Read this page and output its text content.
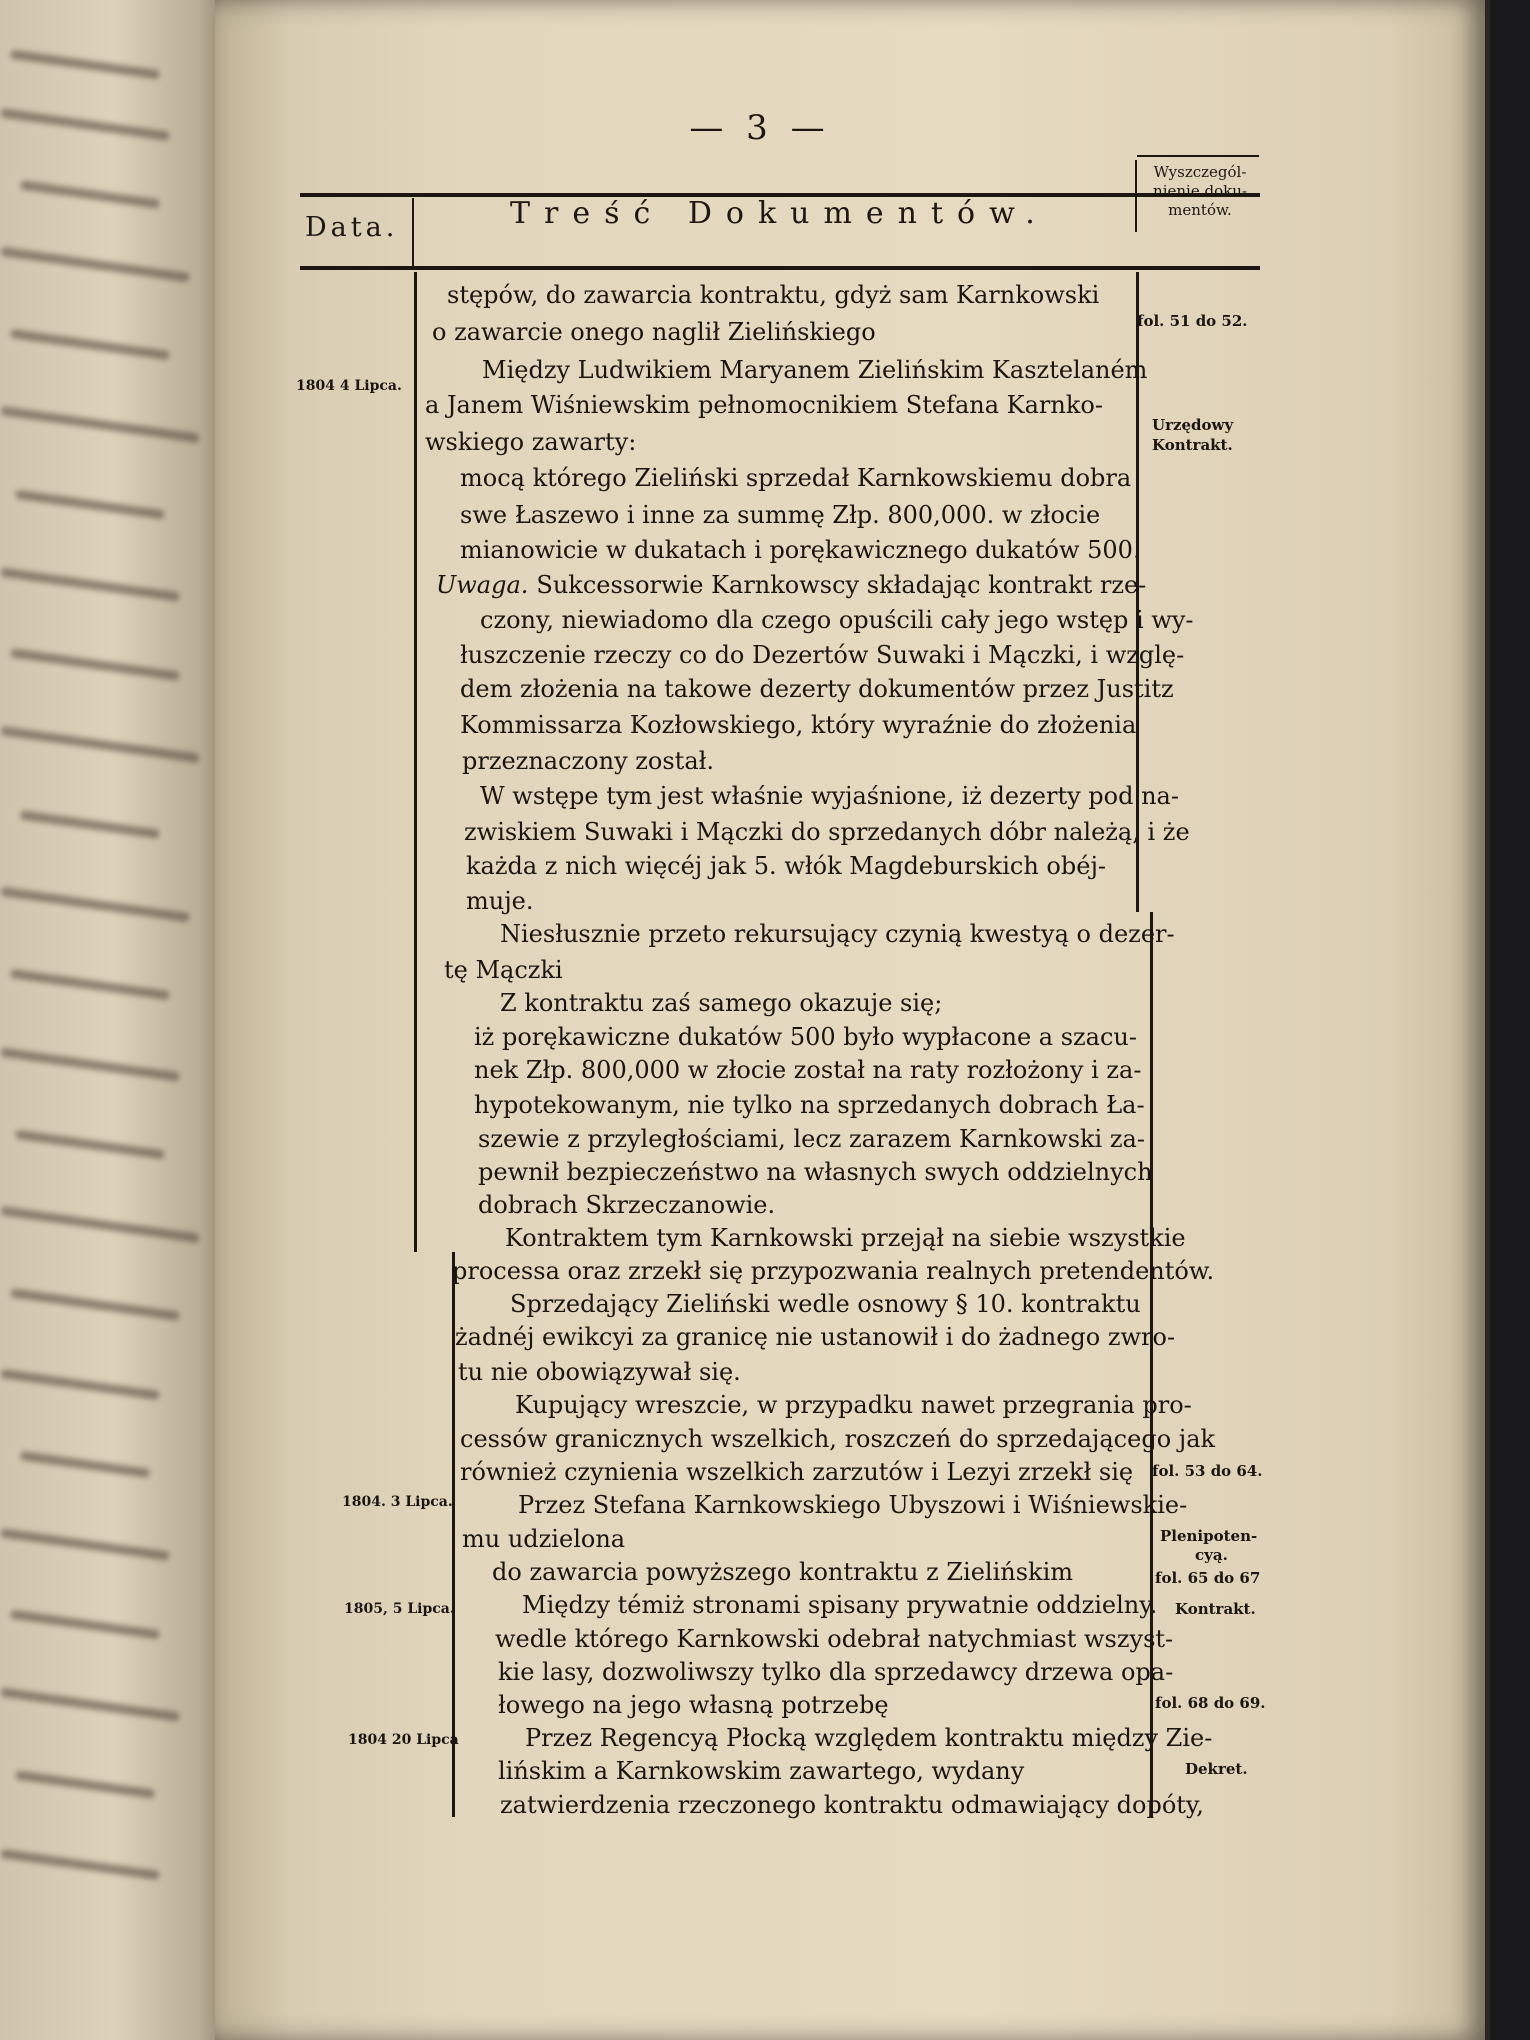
— 3 —
Data.	Treść Dokumentów.
Wyszczegól-
nienie doku-
mentów.
1804 4 Lipca.
1804. 3 Lipca.
1805, 5 Lipca.
1804 20 Lipca
stępów, do zawarcia kontraktu, gdyż sam Karnkowski
o zawarcie onego naglił Zielińskiego
Między Ludwikiem Maryanem Zielińskim Kasztelaném
a Janem Wiśniewskim pełnomocnikiem Stefana Karnko-
wskiego zawarty:
mocą którego Zieliński sprzedał Karnkowskiemu dobra
swe Łaszewo i inne za summę Złp. 800,000. w złocie
mianowicie w dukatach i porękawicznego dukatów 500.
Uwaga. Sukcessorwie Karnkowscy składając kontrakt rze-
czony, niewiadomo dla czego opuścili cały jego wstęp i wy-
łuszczenie rzeczy co do Dezertów Suwaki i Mączki, i wzglę-
dem złożenia na takowe dezerty dokumentów przez Justitz
Kommissarza Kozłowskiego, który wyraźnie do złożenia
przeznaczony został.
W wstępe tym jest właśnie wyjaśnione, iż dezerty pod na-
zwiskiem Suwaki i Mączki do sprzedanych dóbr należą, i że
każda z nich więcéj jak 5. włók Magdeburskich obéj-
muje.
Niesłusznie przeto rekursujący czynią kwestyą o dezer-
tę Mączki
Z kontraktu zaś samego okazuje się;
iż porękawiczne dukatów 500 było wypłacone a szacu-
nek Złp. 800,000 w złocie został na raty rozłożony i za-
hypotekowanym, nie tylko na sprzedanych dobrach Ła-
szewie z przyległościami, lecz zarazem Karnkowski za-
pewnił bezpieczeństwo na własnych swych oddzielnych
dobrach Skrzeczanowie.
Kontraktem tym Karnkowski przejął na siebie wszystkie
processa oraz zrzekł się przypozwania realnych pretendentów.
Sprzedający Zieliński wedle osnowy § 10. kontraktu
żadnéj ewikcyi za granicę nie ustanowił i do żadnego zwro-
tu nie obowiązywał się.
Kupujący wreszcie, w przypadku nawet przegrania pro-
cessów granicznych wszelkich, roszczeń do sprzedającego jak
również czynienia wszelkich zarzutów i Lezyi zrzekł się
Przez Stefana Karnkowskiego Ubyszowi i Wiśniewskie-
mu udzielona
do zawarcia powyższego kontraktu z Zielińskim
Między témiż stronami spisany prywatnie oddzielny.
wedle którego Karnkowski odebrał natychmiast wszyst-
kie lasy, dozwoliwszy tylko dla sprzedawcy drzewa opa-
łowego na jego własną potrzebę
Przez Regencyą Płocką względem kontraktu między Zie-
lińskim a Karnkowskim zawartego, wydany
zatwierdzenia rzeczonego kontraktu odmawiający dopóty,
fol. 51 do 52.
Urzędowy
Kontrakt.
fol. 53 do 64.
Plenipoten-
cyą.
fol. 65 do 67
Kontrakt.
fol. 68 do 69.
Dekret.
